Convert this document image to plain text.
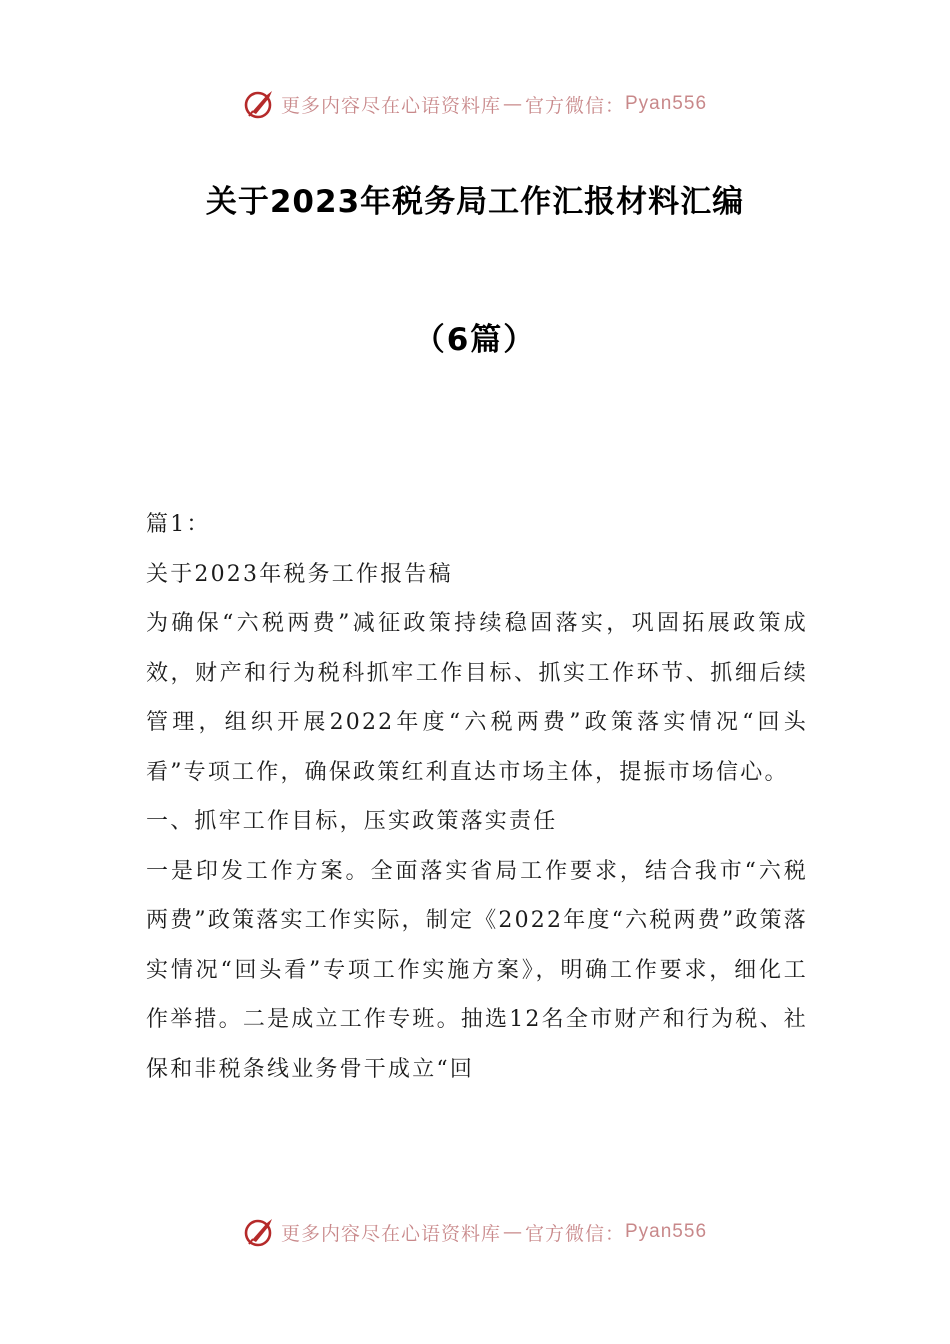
更多内容尽在心语资料库 — 官方微信： Pyan556
关于2023年税务局工作汇报材料汇编
（6篇）

篇1：

关于2023年税务工作报告稿

为确保“六税两费”减征政策持续稳固落实，巩固拓展政策成效，财产和行为税科抓牢工作目标、抓实工作环节、抓细后续管理，组织开展2022年度“六税两费”政策落实情况“回头看”专项工作，确保政策红利直达市场主体，提振市场信心。

一、抓牢工作目标，压实政策落实责任

一是印发工作方案。全面落实省局工作要求，结合我市“六税两费”政策落实工作实际，制定《2022年度“六税两费”政策落实情况“回头看”专项工作实施方案》，明确工作要求，细化工作举措。二是成立工作专班。抽选12名全市财产和行为税、社保和非税条线业务骨干成立“回

更多内容尽在心语资料库 — 官方微信： Pyan556
